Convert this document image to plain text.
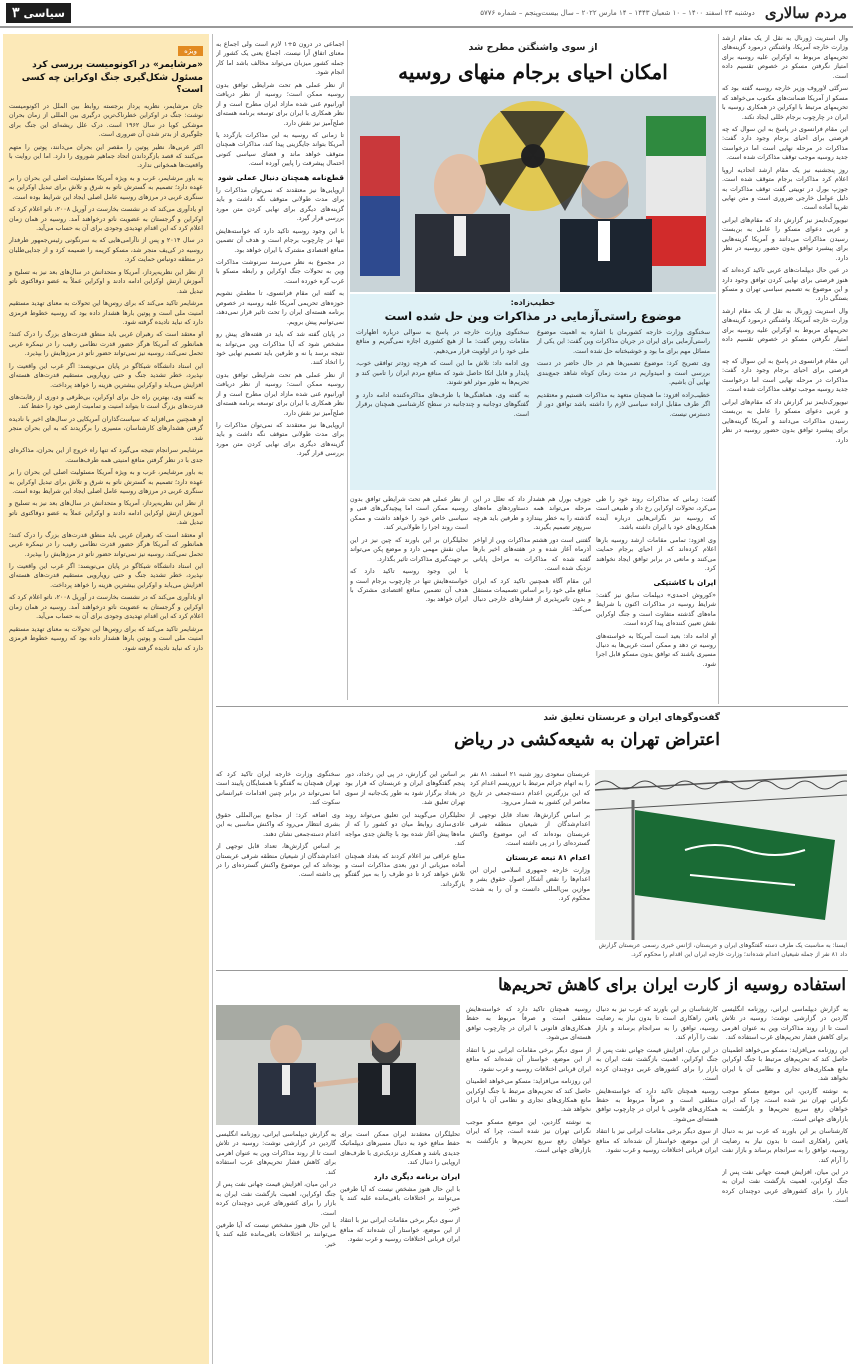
مردم سالاری
دوشنبه ۲۳ اسفند ۱۴۰۰ – ۱۰ شعبان ۱۴۴۳ – ۱۴ مارس ۲۰۲۲ – سال بیست‌وپنجم – شماره ۵۷۷۶
سیاسی
۳

وال استریت ژورنال به نقل از یک مقام ارشد وزارت خارجه آمریکا، واشنگتن درمورد گزینه‌های تحریمهای مربوط به اوکراین علیه روسیه برای امتیاز نگرفتن مسکو در خصوص تقسیم داده است.

سرگئی لاوروف وزیر خارجه روسیه گفته بود که مسکو از آمریکا ضمانت‌های مکتوب می‌خواهد که تحریمهای مرتبط با اوکراین در همکاری روسیه با ایران در چارچوب برجام خللی ایجاد نکند.

این مقام فرانسوی در پاسخ به این سوال که چه فرصتی برای احیای برجام وجود دارد گفت: مذاکرات در مرحله نهایی است اما درخواست جدید روسیه موجب توقف مذاکرات شده است.

روز پنجشنبه نیز یک مقام ارشد اتحادیه اروپا اعلام کرد مذاکرات برجام متوقف شده است. جوزپ بورل در توییتی گفت توقف مذاکرات به دلیل عوامل خارجی ضروری است و متن نهایی تقریبا آماده است.

نیویورک‌تایمز نیز گزارش داد که مقام‌های ایرانی و غربی دعوای مسکو را عامل به بن‌بست رسیدن مذاکرات می‌دانند و آمریکا گزینه‌هایی برای پیشبرد توافق بدون حضور روسیه در نظر دارد.

در عین حال دیپلمات‌های غربی تاکید کرده‌اند که هنوز فرصتی برای نهایی کردن توافق وجود دارد و این موضوع به تصمیم سیاسی تهران و مسکو بستگی دارد.

وال استریت ژورنال به نقل از یک مقام ارشد وزارت خارجه آمریکا، واشنگتن درمورد گزینه‌های تحریمهای مربوط به اوکراین علیه روسیه برای امتیاز نگرفتن مسکو در خصوص تقسیم داده است.

این مقام فرانسوی در پاسخ به این سوال که چه فرصتی برای احیای برجام وجود دارد گفت: مذاکرات در مرحله نهایی است اما درخواست جدید روسیه موجب توقف مذاکرات شده است.

نیویورک‌تایمز نیز گزارش داد که مقام‌های ایرانی و غربی دعوای مسکو را عامل به بن‌بست رسیدن مذاکرات می‌دانند و آمریکا گزینه‌هایی برای پیشبرد توافق بدون حضور روسیه در نظر دارد.

از سوی واشنگتن مطرح شد
امکان احیای برجام منهای روسیه
خطیب‌زاده:
موضوع راستی‌آزمایی در مذاکرات وین حل شده است

سخنگوی وزارت خارجه کشورمان با اشاره به اهمیت موضوع راستی‌آزمایی برای ایران در جریان مذاکرات وین گفت: این یکی از مسائل مهم برای ما بود و خوشبختانه حل شده است.

وی تصریح کرد: موضوع تضمین‌ها هم در حال حاضر در دست بررسی است و امیدواریم در مدت زمان کوتاه شاهد جمع‌بندی نهایی آن باشیم.

خطیب‌زاده افزود: ما همچنان متعهد به مذاکرات هستیم و معتقدیم اگر طرف مقابل اراده سیاسی لازم را داشته باشد توافق دور از دسترس نیست.

سخنگوی وزارت خارجه در پاسخ به سوالی درباره اظهارات مقامات روس گفت: ما از هیچ کشوری اجازه نمی‌گیریم و منافع ملی خود را در اولویت قرار می‌دهیم.

وی ادامه داد: تلاش ما این است که هرچه زودتر توافقی خوب، پایدار و قابل اتکا حاصل شود که منافع مردم ایران را تامین کند و تحریم‌ها به طور موثر لغو شوند.

به گفته وی، هماهنگی‌ها با طرف‌های مذاکره‌کننده ادامه دارد و گفتگوهای دوجانبه و چندجانبه در سطح کارشناسی همچنان برقرار است.

اجماعی در درون ۵+۱ لازم است ولی اجماع به معنای اتفاق آرا نیست. اجماع یعنی یک کشور از جمله کشور میزبان می‌تواند مخالف باشد اما کار انجام شود.

از نظر عملی هم تحت شرایطی توافق بدون روسیه ممکن است؛ روسیه از نظر دریافت اورانیوم غنی شده مازاد ایران مطرح است و از نظر همکاری با ایران برای توسعه برنامه هسته‌ای صلح‌آمیز نیز نقش دارد.

تا زمانی که روسیه به این مذاکرات بازگردد یا آمریکا بتواند جایگزینی پیدا کند، مذاکرات همچنان متوقف خواهد ماند و فضای سیاسی کنونی احتمال پیشرفت را پایین آورده است.

قطع‌نامه همچنان دنبال عملی شود

اروپایی‌ها نیز معتقدند که نمی‌توان مذاکرات را برای مدت طولانی متوقف نگه داشت و باید گزینه‌های دیگری برای نهایی کردن متن مورد بررسی قرار گیرد.

با این وجود روسیه تاکید دارد که خواسته‌هایش تنها در چارچوب برجام است و هدف آن تضمین منافع اقتصادی مشترک با ایران خواهد بود.

در مجموع به نظر می‌رسد سرنوشت مذاکرات وین به تحولات جنگ اوکراین و رابطه مسکو با غرب گره خورده است.

به گفته این مقام فرانسوی، تا مطمئن نشویم حوزه‌های تحریمی آمریکا علیه روسیه در خصوص برنامه هسته‌ای ایران را تحت تاثیر قرار نمی‌دهد، نمی‌توانیم پیش برویم.

در پایان گفته شد که باید در هفته‌های پیش رو مشخص شود که آیا مذاکرات وین می‌تواند به نتیجه برسد یا نه و طرفین باید تصمیم نهایی خود را اتخاذ کنند.

از نظر عملی هم تحت شرایطی توافق بدون روسیه ممکن است؛ روسیه از نظر دریافت اورانیوم غنی شده مازاد ایران مطرح است و از نظر همکاری با ایران برای توسعه برنامه هسته‌ای صلح‌آمیز نیز نقش دارد.

اروپایی‌ها نیز معتقدند که نمی‌توان مذاکرات را برای مدت طولانی متوقف نگه داشت و باید گزینه‌های دیگری برای نهایی کردن متن مورد بررسی قرار گیرد.

گفت: زمانی که مذاکرات روند خود را طی می‌کرد، تحولات اوکراین رخ داد و طبیعی است که روسیه نیز نگرانی‌هایی درباره آینده همکاری‌های خود با ایران داشته باشد.

وی افزود: تمامی مقامات ارشد روسیه بارها اعلام کرده‌اند که از احیای برجام حمایت می‌کنند و مانعی در برابر توافق ایجاد نخواهند کرد.

ایران با کاشتیکی

«کوروش احمدی» دیپلمات سابق نیز گفت: شرایط روسیه در مذاکرات اکنون با شرایط ماه‌های گذشته متفاوت است و جنگ اوکراین نقش تعیین کننده‌ای پیدا کرده است.

او ادامه داد: بعید است آمریکا به خواسته‌های روسیه تن دهد و ممکن است غربی‌ها به دنبال مسیری باشند که توافق بدون مسکو قابل اجرا شود.

جوزف بورل هم هشدار داد که تعلل در این مرحله می‌تواند همه دستاوردهای ماه‌های گذشته را به خطر بیندازد و طرفین باید هرچه سریع‌تر تصمیم بگیرند.

گفتنی است دور هشتم مذاکرات وین از اواخر آذرماه آغاز شده و در هفته‌های اخیر بارها گفته شده که مذاکرات به مراحل پایانی نزدیک شده است.

این مقام آگاه همچنین تاکید کرد که ایران منافع ملی خود را بر اساس تصمیمات مستقل و بدون تاثیرپذیری از فشارهای خارجی دنبال می‌کند.

از نظر عملی هم تحت شرایطی توافق بدون روسیه ممکن است اما پیچیدگی‌های فنی و سیاسی خاص خود را خواهد داشت و ممکن است روند اجرا را طولانی‌تر کند.

تحلیلگران بر این باورند که چین نیز در این میان نقش مهمی دارد و موضع پکن می‌تواند بر جهت‌گیری مذاکرات تاثیر بگذارد.

با این وجود روسیه تاکید دارد که خواسته‌هایش تنها در چارچوب برجام است و هدف آن تضمین منافع اقتصادی مشترک با ایران خواهد بود.

گفت‌وگوهای ایران و عربستان تعلیق شد
اعتراض تهران به شیعه‌کشی در ریاض
ایسنا: به مناسبت یک طرف دسته گفتگوهای ایران و عربستان، آژانس خبری رسمی عربستان گزارش داد ۸۱ نفر از جمله شیعیان اعدام شده‌اند؛ وزارت خارجه ایران این اقدام را محکوم کرد.

عربستان سعودی روز شنبه ۲۱ اسفند، ۸۱ نفر را به اتهام جرائم مرتبط با تروریسم اعدام کرد که این بزرگترین اعدام دسته‌جمعی در تاریخ معاصر این کشور به شمار می‌رود.

بر اساس گزارش‌ها، تعداد قابل توجهی از اعدام‌شدگان از شیعیان منطقه شرقی عربستان بوده‌اند که این موضوع واکنش گسترده‌ای را در پی داشته است.

اعدام ۸۱ تبعه عربستان

وزارت خارجه جمهوری اسلامی ایران این اعدام‌ها را نقض آشکار اصول حقوق بشر و موازین بین‌المللی دانست و آن را به شدت محکوم کرد.

بر اساس این گزارش، در پی این رخداد، دور پنجم گفتگوهای ایران و عربستان که قرار بود در بغداد برگزار شود به طور یک‌جانبه از سوی تهران تعلیق شد.

تحلیلگران می‌گویند این تعلیق می‌تواند روند عادی‌سازی روابط میان دو کشور را که از ماه‌ها پیش آغاز شده بود با چالش جدی مواجه کند.

منابع عراقی نیز اعلام کردند که بغداد همچنان آماده میزبانی از دور بعدی مذاکرات است و تلاش خواهد کرد تا دو طرف را به میز گفتگو بازگرداند.

سخنگوی وزارت خارجه ایران تاکید کرد که تهران همچنان به گفتگو با همسایگان پایبند است اما نمی‌تواند در برابر چنین اقدامات غیرانسانی سکوت کند.

وی اضافه کرد: از مجامع بین‌المللی حقوق بشری انتظار می‌رود که واکنش مناسبی به این اعدام دسته‌جمعی نشان دهند.

بر اساس گزارش‌ها، تعداد قابل توجهی از اعدام‌شدگان از شیعیان منطقه شرقی عربستان بوده‌اند که این موضوع واکنش گسترده‌ای را در پی داشته است.

استفاده روسیه از کارت ایران برای کاهش تحریم‌ها

به گزارش دیپلماسی ایرانی، روزنامه انگلیسی گاردین در گزارشی نوشت: روسیه در تلاش است تا از روند مذاکرات وین به عنوان اهرمی برای کاهش فشار تحریم‌های غرب استفاده کند.

این روزنامه می‌افزاید: مسکو می‌خواهد اطمینان حاصل کند که تحریم‌های مرتبط با جنگ اوکراین مانع همکاری‌های تجاری و نظامی آن با ایران نخواهد شد.

به نوشته گاردین، این موضع مسکو موجب نگرانی تهران نیز شده است، چرا که ایران خواهان رفع سریع تحریم‌ها و بازگشت به بازارهای جهانی است.

کارشناسان بر این باورند که غرب نیز به دنبال یافتن راهکاری است تا بدون نیاز به رضایت روسیه، توافق را به سرانجام برساند و بازار نفت را آرام کند.

در این میان، افزایش قیمت جهانی نفت پس از جنگ اوکراین، اهمیت بازگشت نفت ایران به بازار را برای کشورهای غربی دوچندان کرده است.

کارشناسان بر این باورند که غرب نیز به دنبال یافتن راهکاری است تا بدون نیاز به رضایت روسیه، توافق را به سرانجام برساند و بازار نفت را آرام کند.

در این میان، افزایش قیمت جهانی نفت پس از جنگ اوکراین، اهمیت بازگشت نفت ایران به بازار را برای کشورهای غربی دوچندان کرده است.

روسیه همچنان تاکید دارد که خواسته‌هایش منطقی است و صرفاً مربوط به حفظ همکاری‌های قانونی با ایران در چارچوب توافق هسته‌ای می‌شود.

از سوی دیگر برخی مقامات ایرانی نیز با انتقاد از این موضع، خواستار آن شده‌اند که منافع ایران قربانی اختلافات روسیه و غرب نشود.

روسیه همچنان تاکید دارد که خواسته‌هایش منطقی است و صرفاً مربوط به حفظ همکاری‌های قانونی با ایران در چارچوب توافق هسته‌ای می‌شود.

از سوی دیگر برخی مقامات ایرانی نیز با انتقاد از این موضع، خواستار آن شده‌اند که منافع ایران قربانی اختلافات روسیه و غرب نشود.

این روزنامه می‌افزاید: مسکو می‌خواهد اطمینان حاصل کند که تحریم‌های مرتبط با جنگ اوکراین مانع همکاری‌های تجاری و نظامی آن با ایران نخواهد شد.

به نوشته گاردین، این موضع مسکو موجب نگرانی تهران نیز شده است، چرا که ایران خواهان رفع سریع تحریم‌ها و بازگشت به بازارهای جهانی است.

تحلیلگران معتقدند ایران ممکن است برای حفظ منافع خود به دنبال مسیرهای دیپلماتیک جدیدی باشد و همکاری نزدیک‌تری با طرف‌های اروپایی را دنبال کند.

ایران برنامه دیگری دارد

با این حال هنوز مشخص نیست که آیا طرفین می‌توانند بر اختلافات باقی‌مانده غلبه کنند یا خیر.

از سوی دیگر برخی مقامات ایرانی نیز با انتقاد از این موضع، خواستار آن شده‌اند که منافع ایران قربانی اختلافات روسیه و غرب نشود.

به گزارش دیپلماسی ایرانی، روزنامه انگلیسی گاردین در گزارشی نوشت: روسیه در تلاش است تا از روند مذاکرات وین به عنوان اهرمی برای کاهش فشار تحریم‌های غرب استفاده کند.

در این میان، افزایش قیمت جهانی نفت پس از جنگ اوکراین، اهمیت بازگشت نفت ایران به بازار را برای کشورهای غربی دوچندان کرده است.

با این حال هنوز مشخص نیست که آیا طرفین می‌توانند بر اختلافات باقی‌مانده غلبه کنند یا خیر.

ویژه
«مرشایمر» در اکونومیست بررسی کرد مسئول شکل‌گیری جنگ اوکراین چه کسی است؟

جان مرشایمر، نظریه پرداز برجسته روابط بین الملل در اکونومیست نوشت: جنگ در اوکراین خطرناک‌ترین درگیری بین المللی از زمان بحران موشکی کوبا در سال ۱۹۶۲ است. درک علل ریشه‌ای این جنگ برای جلوگیری از بدتر شدن آن ضروری است.

اکثر غربی‌ها، نظیر پوتین را مقصر این بحران می‌دانند، پوتین را متهم می‌کنند که قصد بازگرداندن اتحاد جماهیر شوروی را دارد. اما این روایت با واقعیت‌ها همخوانی ندارد.

به باور مرشایمر، غرب و به ویژه آمریکا مسئولیت اصلی این بحران را بر عهده دارد؛ تصمیم به گسترش ناتو به شرق و تلاش برای تبدیل اوکراین به سنگری غربی در مرزهای روسیه عامل اصلی ایجاد این شرایط بوده است.

او یادآوری می‌کند که در نشست بخارست در آوریل ۲۰۰۸، ناتو اعلام کرد که اوکراین و گرجستان به عضویت ناتو درخواهند آمد. روسیه در همان زمان اعلام کرد که این اقدام تهدیدی وجودی برای آن به حساب می‌آید.

در سال ۲۰۱۴ و پس از ناآرامی‌هایی که به سرنگونی رئیس‌جمهور طرفدار روسیه در کی‌یف منجر شد، مسکو کریمه را ضمیمه کرد و از جدایی‌طلبان در منطقه دونباس حمایت کرد.

از نظر این نظریه‌پرداز، آمریکا و متحدانش در سال‌های بعد نیز به تسلیح و آموزش ارتش اوکراین ادامه دادند و اوکراین عملاً به عضو دوفاکتوی ناتو تبدیل شد.

مرشایمر تاکید می‌کند که برای روس‌ها این تحولات به معنای تهدید مستقیم امنیت ملی است و پوتین بارها هشدار داده بود که روسیه خطوط قرمزی دارد که نباید نادیده گرفته شود.

او معتقد است که رهبران غربی باید منطق قدرت‌های بزرگ را درک کنند؛ همانطور که آمریکا هرگز حضور قدرت نظامی رقیب را در نیمکره غربی تحمل نمی‌کند، روسیه نیز نمی‌تواند حضور ناتو در مرزهایش را بپذیرد.

این استاد دانشگاه شیکاگو در پایان می‌نویسد: اگر غرب این واقعیت را نپذیرد، خطر تشدید جنگ و حتی رویارویی مستقیم قدرت‌های هسته‌ای افزایش می‌یابد و اوکراین بیشترین هزینه را خواهد پرداخت.

به گفته وی، بهترین راه حل برای اوکراین، بی‌طرفی و دوری از رقابت‌های قدرت‌های بزرگ است تا بتواند امنیت و تمامیت ارضی خود را حفظ کند.

او همچنین می‌افزاید که سیاست‌گذاران آمریکایی در سال‌های اخیر با نادیده گرفتن هشدارهای کارشناسان، مسیری را برگزیدند که به این بحران منجر شد.

مرشایمر سرانجام نتیجه می‌گیرد که تنها راه خروج از این بحران، مذاکره‌ای جدی با در نظر گرفتن منافع امنیتی همه طرف‌هاست.

به باور مرشایمر، غرب و به ویژه آمریکا مسئولیت اصلی این بحران را بر عهده دارد؛ تصمیم به گسترش ناتو به شرق و تلاش برای تبدیل اوکراین به سنگری غربی در مرزهای روسیه عامل اصلی ایجاد این شرایط بوده است.

از نظر این نظریه‌پرداز، آمریکا و متحدانش در سال‌های بعد نیز به تسلیح و آموزش ارتش اوکراین ادامه دادند و اوکراین عملاً به عضو دوفاکتوی ناتو تبدیل شد.

او معتقد است که رهبران غربی باید منطق قدرت‌های بزرگ را درک کنند؛ همانطور که آمریکا هرگز حضور قدرت نظامی رقیب را در نیمکره غربی تحمل نمی‌کند، روسیه نیز نمی‌تواند حضور ناتو در مرزهایش را بپذیرد.

این استاد دانشگاه شیکاگو در پایان می‌نویسد: اگر غرب این واقعیت را نپذیرد، خطر تشدید جنگ و حتی رویارویی مستقیم قدرت‌های هسته‌ای افزایش می‌یابد و اوکراین بیشترین هزینه را خواهد پرداخت.

او یادآوری می‌کند که در نشست بخارست در آوریل ۲۰۰۸، ناتو اعلام کرد که اوکراین و گرجستان به عضویت ناتو درخواهند آمد. روسیه در همان زمان اعلام کرد که این اقدام تهدیدی وجودی برای آن به حساب می‌آید.

مرشایمر تاکید می‌کند که برای روس‌ها این تحولات به معنای تهدید مستقیم امنیت ملی است و پوتین بارها هشدار داده بود که روسیه خطوط قرمزی دارد که نباید نادیده گرفته شود.
